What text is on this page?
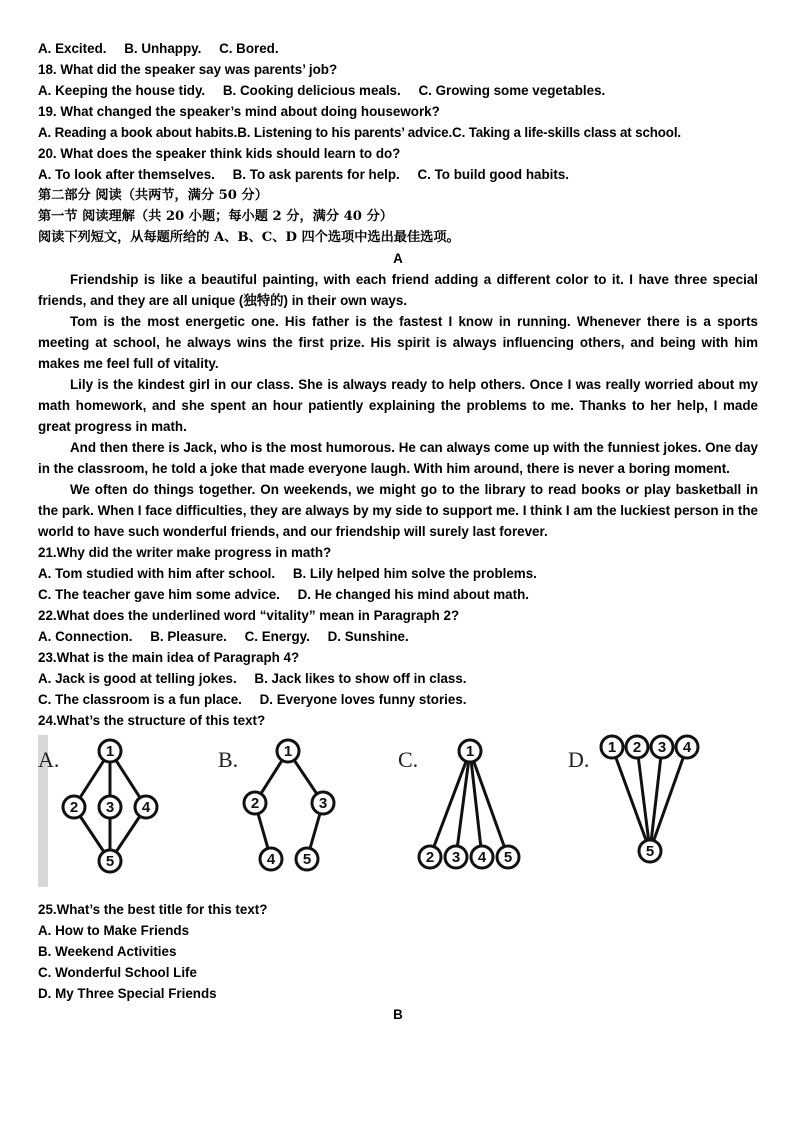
A. Excited. B. Unhappy. C. Bored.
18. What did the speaker say was parents’ job?
A. Keeping the house tidy. B. Cooking delicious meals. C. Growing some vegetables.
19. What changed the speaker’s mind about doing housework?
A. Reading a book about habits.B. Listening to his parents’ advice.C. Taking a life-skills class at school.
20. What does the speaker think kids should learn to do?
A. To look after themselves. B. To ask parents for help. C. To build good habits.
第二部分 阅读（共两节，满分 50 分）
第一节 阅读理解（共 20 小题；每小题 2 分，满分 40 分）
阅读下列短文，从每题所给的 A、B、C、D 四个选项中选出最佳选项。
A

Friendship is like a beautiful painting, with each friend adding a different color to it. I have three special friends, and they are all unique (独特的) in their own ways.

Tom is the most energetic one. His father is the fastest I know in running. Whenever there is a sports meeting at school, he always wins the first prize. His spirit is always influencing others, and being with him makes me feel full of vitality.

Lily is the kindest girl in our class. She is always ready to help others. Once I was really worried about my math homework, and she spent an hour patiently explaining the problems to me. Thanks to her help, I made great progress in math.

And then there is Jack, who is the most humorous. He can always come up with the funniest jokes. One day in the classroom, he told a joke that made everyone laugh. With him around, there is never a boring moment.

We often do things together. On weekends, we might go to the library to read books or play basketball in the park. When I face difficulties, they are always by my side to support me. I think I am the luckiest person in the world to have such wonderful friends, and our friendship will surely last forever.

21.Why did the writer make progress in math?
A. Tom studied with him after school. B. Lily helped him solve the problems.
C. The teacher gave him some advice. D. He changed his mind about math.
22.What does the underlined word “vitality” mean in Paragraph 2?
A. Connection. B. Pleasure. C. Energy. D. Sunshine.
23.What is the main idea of Paragraph 4?
A. Jack is good at telling jokes. B. Jack likes to show off in class.
C. The classroom is a fun place. D. Everyone loves funny stories.
24.What’s the structure of this text?
1
2 3 4
5
A.	1
2	3
4 5
B.	1
2 3 4 5
C.	1 2 3 4
5
D.
25.What’s the best title for this text?
A. How to Make Friends
B. Weekend Activities
C. Wonderful School Life
D. My Three Special Friends
B
